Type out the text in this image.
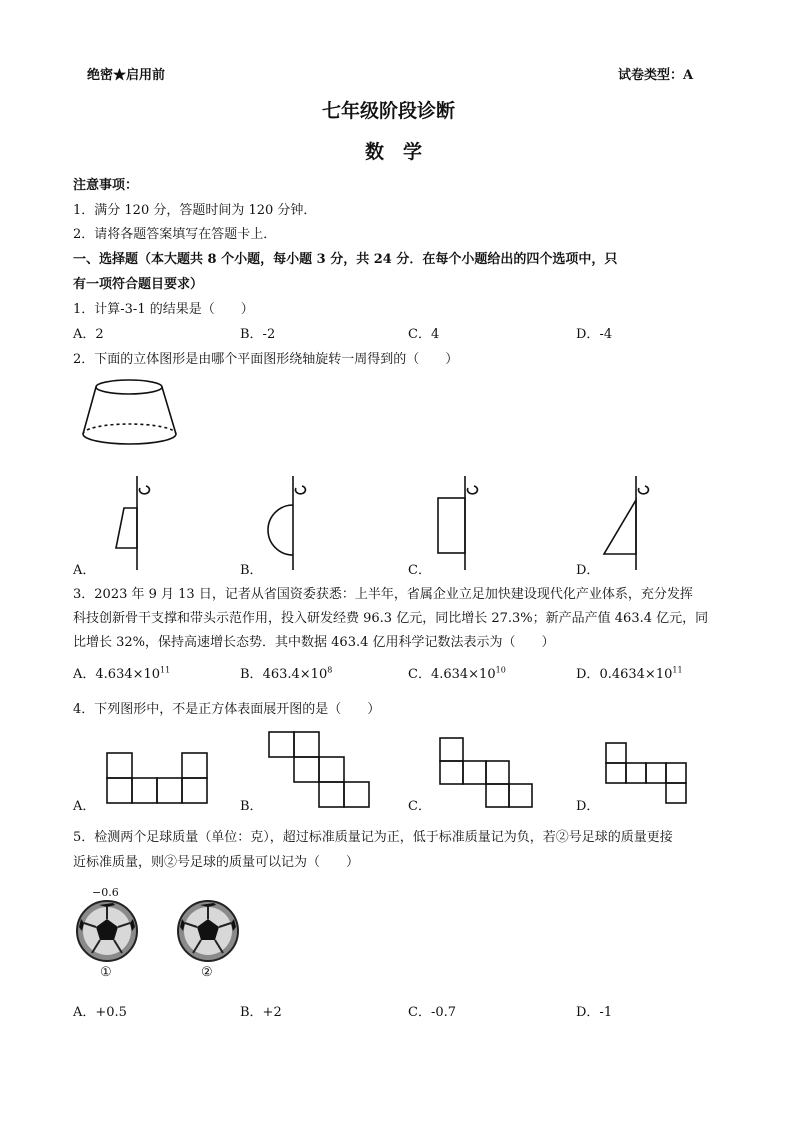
绝密★启用前	试卷类型：A
七年级阶段诊断
数　学
注意事项：
1．满分 120 分，答题时间为 120 分钟．
2．请将各题答案填写在答题卡上．
一、选择题（本大题共 8 个小题，每小题 3 分，共 24 分．在每个小题给出的四个选项中，只
有一项符合题目要求）
1．计算-3-1 的结果是（　　）
A．2	B．-2	C．4	D．-4
2．下面的立体图形是由哪个平面图形绕轴旋转一周得到的（　　）
A．	B．	C．	D．
3．2023 年 9 月 13 日，记者从省国资委获悉：上半年，省属企业立足加快建设现代化产业体系，充分发挥
科技创新骨干支撑和带头示范作用，投入研发经费 96.3 亿元，同比增长 27.3%；新产品产值 463.4 亿元，同
比增长 32%，保持高速增长态势．其中数据 463.4 亿用科学记数法表示为（　　）
A．$4.634\times 10^{11}$	B．$463.4\times 10^8$	C．$4.634\times 10^{10}$	D．$0.4634\times 10^{11}$
4．下列图形中，不是正方体表面展开图的是（　　）
A．	B．	C．	D．
5．检测两个足球质量（单位：克），超过标准质量记为正，低于标准质量记为负，若②号足球的质量更接
近标准质量，则②号足球的质量可以记为（　　）
−0.6
①	②
A．+0.5	B．+2	C．-0.7	D．-1
